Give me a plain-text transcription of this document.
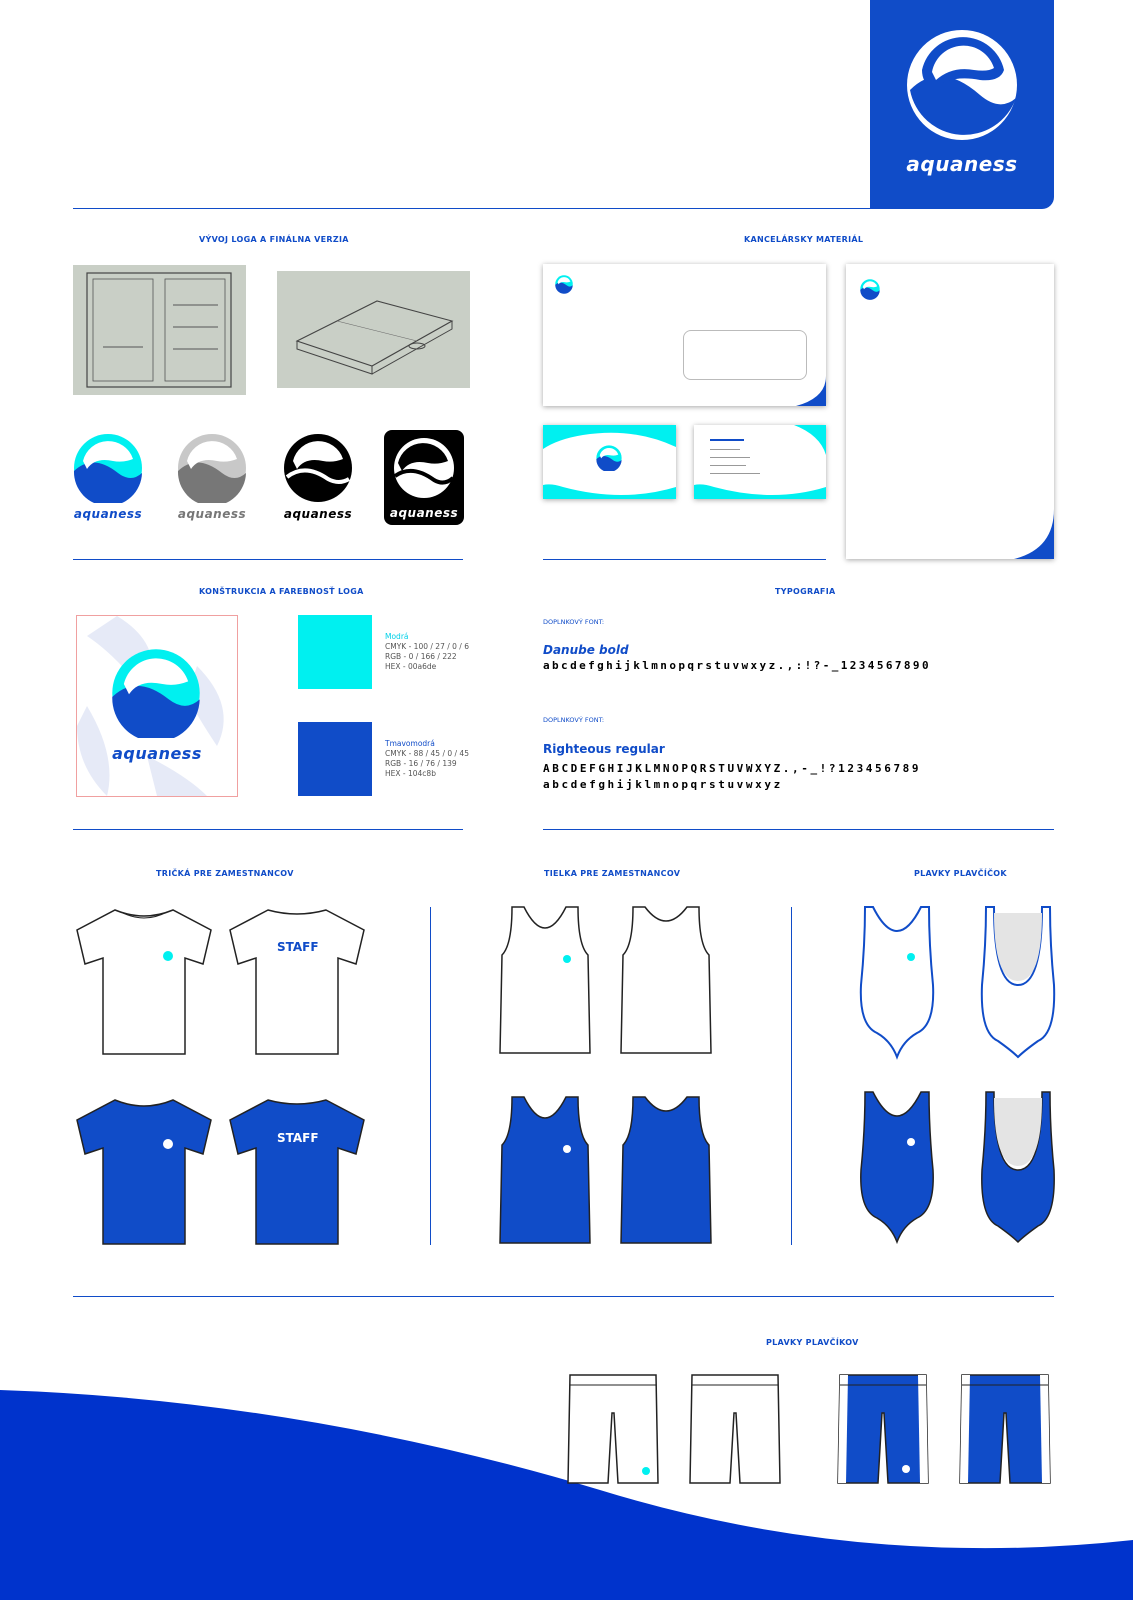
aquaness
VÝVOJ LOGA A FINÁLNA VERZIA
aquaness	aquaness	aquaness	aquaness
KANCELÁRSKY MATERIÁL
KONŠTRUKCIA A FAREBNOSŤ LOGA
aquaness
Modrá
CMYK - 100 / 27 / 0 / 6
RGB - 0 / 166 / 222
HEX - 00a6de
Tmavomodrá
CMYK - 88 / 45 / 0 / 45
RGB - 16 / 76 / 139
HEX - 104c8b
TYPOGRAFIA
DOPLNKOVÝ FONT:
Danube bold
abcdefghijklmnopqrstuvwxyz.,:!?-_1234567890
DOPLNKOVÝ FONT:
Righteous regular
ABCDEFGHIJKLMNOPQRSTUVWXYZ.,-_!?123456789
abcdefghijklmnopqrstuvwxyz
TRIČKÁ PRE ZAMESTNANCOV	TIELKA PRE ZAMESTNANCOV	PLAVKY PLAVČÍČOK
STAFF
STAFF
PLAVKY PLAVČÍKOV
